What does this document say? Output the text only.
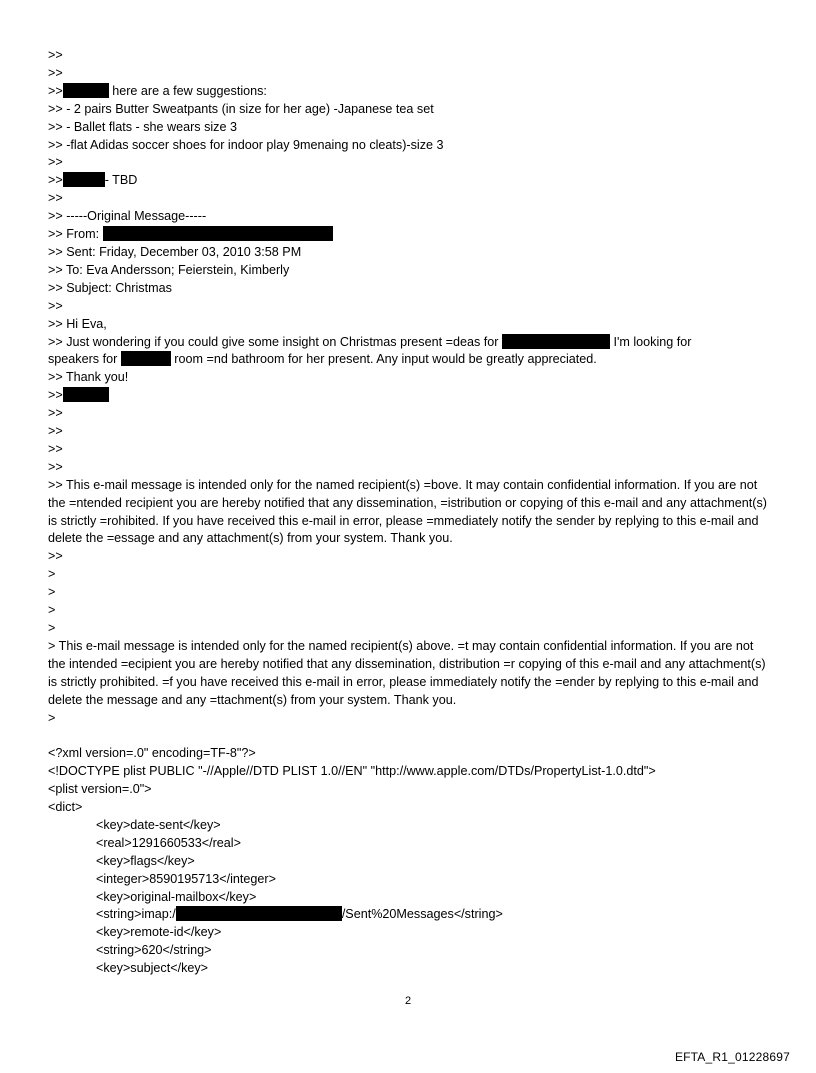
>>
>>
>>	here are a few suggestions:
>> - 2 pairs Butter Sweatpants (in size for her age) -Japanese tea set
>> - Ballet flats - she wears size 3
>> -flat Adidas soccer shoes for indoor play 9menaing no cleats)-size 3
>>
>>	- TBD
>>
>> -----Original Message-----
>> From:
>> Sent: Friday, December 03, 2010 3:58 PM
>> To: Eva Andersson; Feierstein, Kimberly
>> Subject: Christmas
>>
>> Hi Eva,
>> Just wondering if you could give some insight on Christmas present =deas for	I'm looking for
speakers for	room =nd bathroom for her present. Any input would be greatly appreciated.
>> Thank you!
>>
>>
>>
>>
>>
>> This e-mail message is intended only for the named recipient(s) =bove. It may contain confidential information. If you are not the =ntended recipient you are hereby notified that any dissemination, =istribution or copying of this e-mail and any attachment(s) is strictly =rohibited. If you have received this e-mail in error, please =mmediately notify the sender by replying to this e-mail and delete the =essage and any attachment(s) from your system. Thank you.
>>
>
>
>
>
> This e-mail message is intended only for the named recipient(s) above. =t may contain confidential information. If you are not the intended =ecipient you are hereby notified that any dissemination, distribution =r copying of this e-mail and any attachment(s) is strictly prohibited. =f you have received this e-mail in error, please immediately notify the =ender by replying to this e-mail and delete the message and any =ttachment(s) from your system. Thank you.
>
<?xml version=.0" encoding=TF-8"?>
<!DOCTYPE plist PUBLIC "-//Apple//DTD PLIST 1.0//EN" "http://www.apple.com/DTDs/PropertyList-1.0.dtd">
<plist version=.0">
<dict>
<key>date-sent</key>
<real>1291660533</real>
<key>flags</key>
<integer>8590195713</integer>
<key>original-mailbox</key>
<string>imap:/	/Sent%20Messages</string>
<key>remote-id</key>
<string>620</string>
<key>subject</key>
2
EFTA_R1_01228697
